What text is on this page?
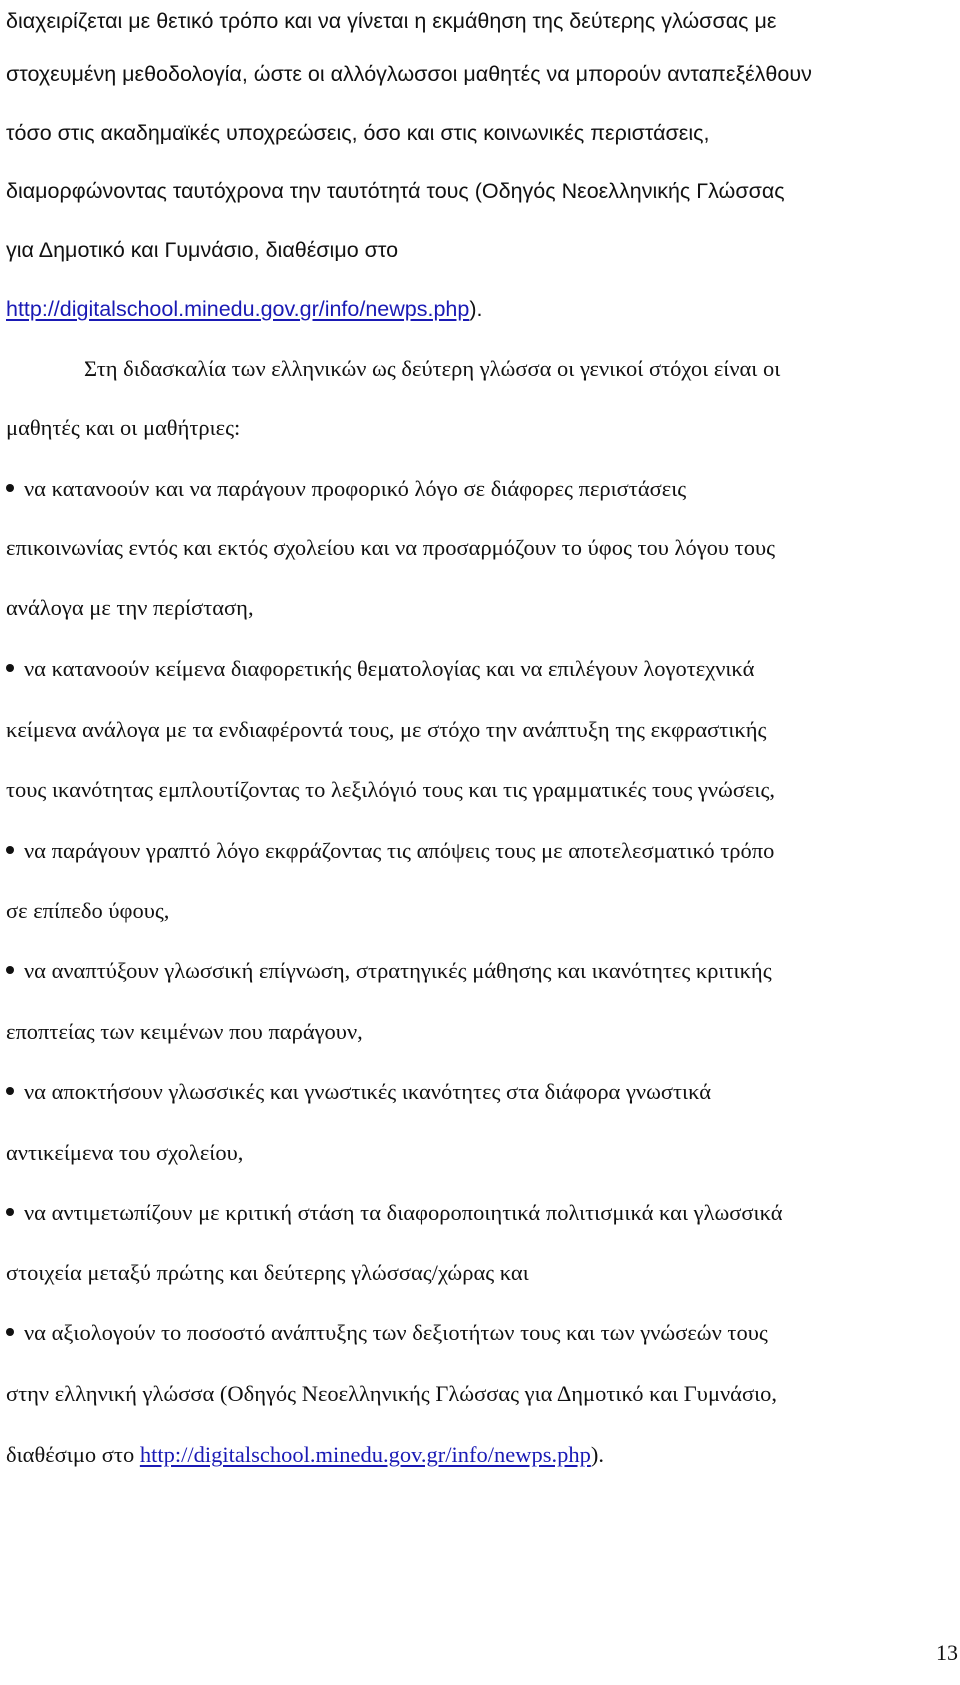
διαχειρίζεται με θετικό τρόπο και να γίνεται η εκμάθηση της δεύτερης γλώσσας με
στοχευμένη μεθοδολογία, ώστε οι αλλόγλωσσοι μαθητές να μπορούν ανταπεξέλθουν
τόσο στις ακαδημαϊκές υποχρεώσεις, όσο και στις κοινωνικές περιστάσεις,
διαμορφώνοντας ταυτόχρονα την ταυτότητά τους (Οδηγός Νεοελληνικής Γλώσσας
για Δημοτικό και Γυμνάσιο, διαθέσιμο στο
http://digitalschool.minedu.gov.gr/info/newps.php).
Στη διδασκαλία των ελληνικών ως δεύτερη γλώσσα οι γενικοί στόχοι είναι οι
μαθητές και οι μαθήτριες:
να κατανοούν και να παράγουν προφορικό λόγο σε διάφορες περιστάσεις
επικοινωνίας εντός και εκτός σχολείου και να προσαρμόζουν το ύφος του λόγου τους
ανάλογα με την περίσταση,
να κατανοούν κείμενα διαφορετικής θεματολογίας και να επιλέγουν λογοτεχνικά
κείμενα ανάλογα με τα ενδιαφέροντά τους, με στόχο την ανάπτυξη της εκφραστικής
τους ικανότητας εμπλουτίζοντας το λεξιλόγιό τους και τις γραμματικές τους γνώσεις,
να παράγουν γραπτό λόγο εκφράζοντας τις απόψεις τους με αποτελεσματικό τρόπο
σε επίπεδο ύφους,
να αναπτύξουν γλωσσική επίγνωση, στρατηγικές μάθησης και ικανότητες κριτικής
εποπτείας των κειμένων που παράγουν,
να αποκτήσουν γλωσσικές και γνωστικές ικανότητες στα διάφορα γνωστικά
αντικείμενα του σχολείου,
να αντιμετωπίζουν με κριτική στάση τα διαφοροποιητικά πολιτισμικά και γλωσσικά
στοιχεία μεταξύ πρώτης και δεύτερης γλώσσας/χώρας και
να αξιολογούν το ποσοστό ανάπτυξης των δεξιοτήτων τους και των γνώσεών τους
στην ελληνική γλώσσα (Οδηγός Νεοελληνικής Γλώσσας για Δημοτικό και Γυμνάσιο,
διαθέσιμο στο http://digitalschool.minedu.gov.gr/info/newps.php).
13
